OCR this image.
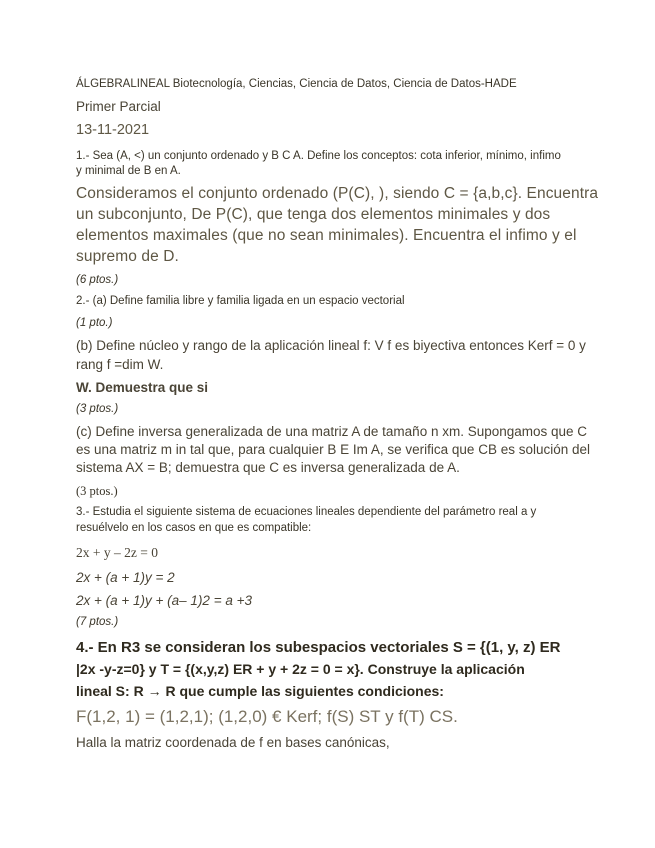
ÁLGEBRALINEAL Biotecnología, Ciencias, Ciencia de Datos, Ciencia de Datos-HADE
Primer Parcial
13-11-2021
1.- Sea (A, <) un conjunto ordenado y B C A. Define los conceptos: cota inferior, mínimo, infimo
y minimal de B en A.
Consideramos el conjunto ordenado (P(C), ), siendo C = {a,b,c}. Encuentra
un subconjunto, De P(C), que tenga dos elementos minimales y dos
elementos maximales (que no sean minimales). Encuentra el infimo y el
supremo de D.
(6 ptos.)
2.- (a) Define familia libre y familia ligada en un espacio vectorial
(1 pto.)
(b) Define núcleo y rango de la aplicación lineal f: V f es biyectiva entonces Kerf = 0 y
rang f =dim W.
W. Demuestra que si
(3 ptos.)
(c) Define inversa generalizada de una matriz A de tamaño n xm. Supongamos que C
es una matriz m in tal que, para cualquier B E Im A, se verifica que CB es solución del
sistema AX = B; demuestra que C es inversa generalizada de A.
(3 ptos.)
3.- Estudia el siguiente sistema de ecuaciones lineales dependiente del parámetro real a y
resuélvelo en los casos en que es compatible:
2x + y – 2z = 0
2x + (a + 1)y = 2
2x + (a + 1)y + (a– 1)2 = a +3
(7 ptos.)
4.- En R3 se consideran los subespacios vectoriales S = {(1, y, z) ER
|2x -y-z=0} y T = {(x,y,z) ER + y + 2z = 0 = x}. Construye la aplicación
lineal S: R → R que cumple las siguientes condiciones:
F(1,2, 1) = (1,2,1); (1,2,0) € Kerf; f(S) ST y f(T) CS.
Halla la matriz coordenada de f en bases canónicas,
